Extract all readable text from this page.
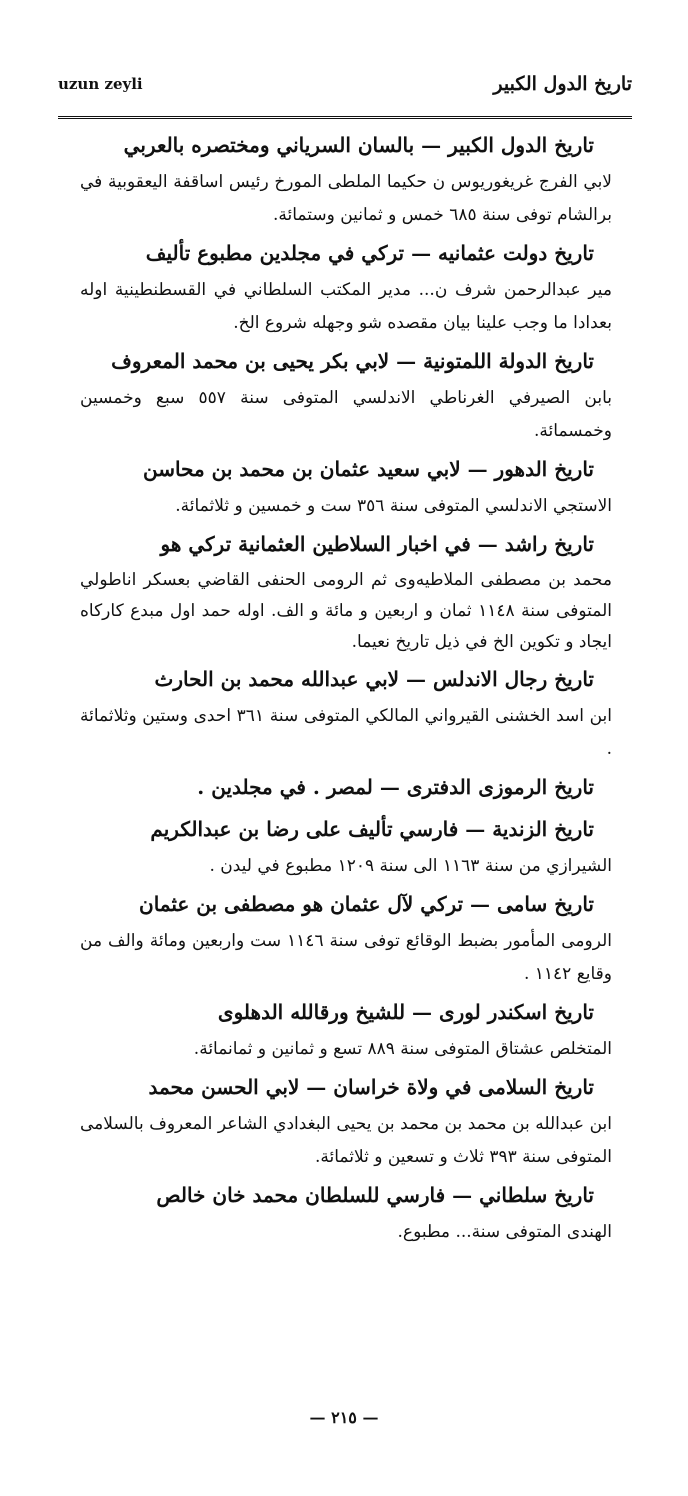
uzun zeyli	تاريخ الدول الكبير
تاريخ الدول الكبير — بالسان السرياني ومختصره بالعربي
لابي الفرج غريغوريوس ن حكيما الملطى المورخ رئيس اساقفة اليعقوبية في برالشام توفى سنة ٦٨٥ خمس و ثمانين وستمائة.
تاريخ دولت عثمانيه — تركي في مجلدين مطبوع تأليف
مير عبدالرحمن شرف ن... مدير المكتب السلطاني في القسطنطينية اوله بعدادا ما وجب علينا بيان مقصده شو وجهله شروع الخ.
تاريخ الدولة اللمتونية — لابي بكر يحيى بن محمد المعروف
بابن الصيرفي الغرناطي الاندلسي المتوفى سنة ٥٥٧ سبع وخمسين وخمسمائة.
تاريخ الدهور — لابي سعيد عثمان بن محمد بن محاسن
الاستجي الاندلسي المتوفى سنة ٣٥٦ ست و خمسين و ثلاثمائة.
تاريخ راشد — في اخبار السلاطين العثمانية تركي هو
محمد بن مصطفى الملاطيه‌وى ثم الرومى الحنفى القاضي بعسكر اناطولي المتوفى سنة ١١٤٨ ثمان و اربعين و مائة و الف. اوله حمد اول مبدع كاركاه ايجاد و تكوين الخ في ذيل تاريخ نعيما.
تاريخ رجال الاندلس — لابي عبدالله محمد بن الحارث
ابن اسد الخشنى القيرواني المالكي المتوفى سنة ٣٦١ احدى وستين وثلاثمائة .
تاريخ الرموزى الدفترى — لمصر . في مجلدين .
تاريخ الزندية — فارسي تأليف على رضا بن عبدالكريم
الشيرازي من سنة ١١٦٣ الى سنة ١٢٠٩ مطبوع في ليدن .
تاريخ سامى — تركي لآل عثمان هو مصطفى بن عثمان
الرومى المأمور بضبط الوقائع توفى سنة ١١٤٦ ست واربعين ومائة والف من وقايع ١١٤٢ .
تاريخ اسكندر لورى — للشيخ ورقالله الدهلوى
المتخلص عشتاق المتوفى سنة ٨٨٩ تسع و ثمانين و ثمانمائة.
تاريخ السلامى في ولاة خراسان — لابي الحسن محمد
ابن عبدالله بن محمد بن محمد بن يحيى البغدادي الشاعر المعروف بالسلامى المتوفى سنة ٣٩٣ ثلاث و تسعين و ثلاثمائة.
تاريخ سلطاني — فارسي للسلطان محمد خان خالص
الهندى المتوفى سنة... مطبوع.
— ٢١٥ —
